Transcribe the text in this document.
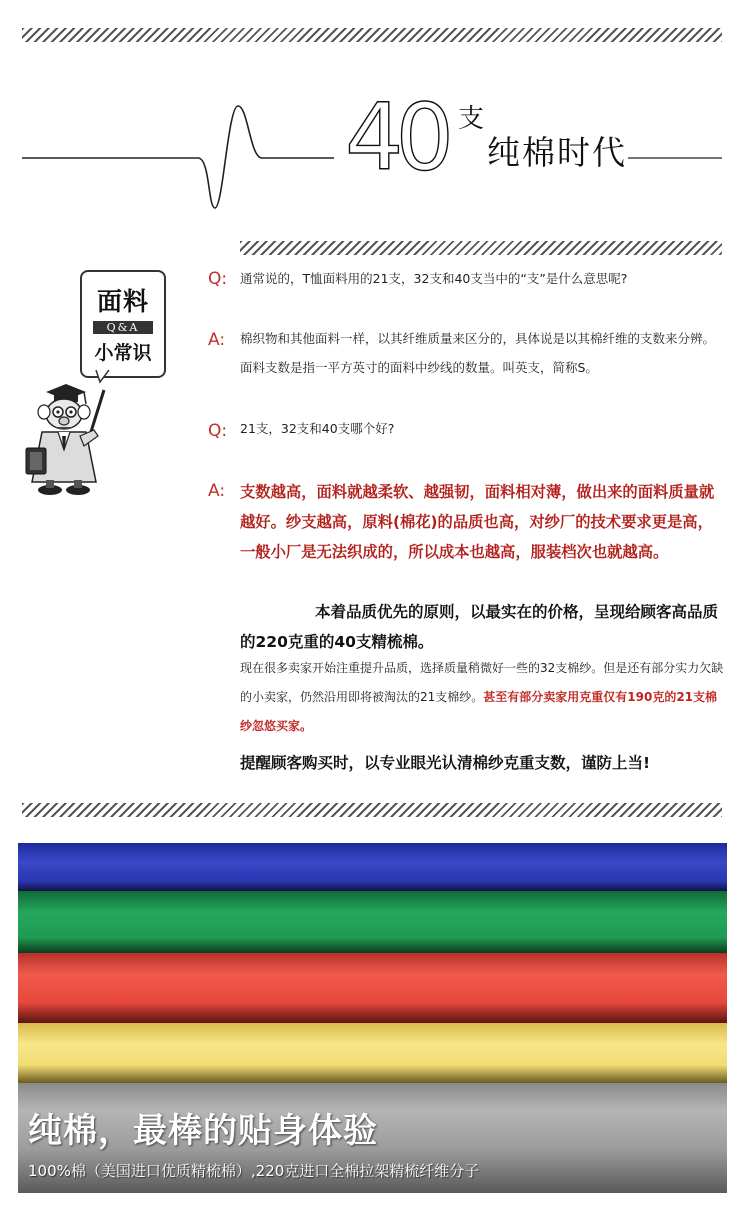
40 支
纯棉时代
面料
Q&A
小常识
Q: 通常说的，T恤面料用的21支，32支和40支当中的“支”是什么意思呢?
A: 棉织物和其他面料一样，以其纤维质量来区分的，具体说是以其棉纤维的支数来分辨。面料支数是指一平方英寸的面料中纱线的数量。叫英支，简称S。
Q: 21支，32支和40支哪个好?
A: 支数越高，面料就越柔软、越强韧，面料相对薄，做出来的面料质量就越好。纱支越高，原料(棉花)的品质也高，对纱厂的技术要求更是高，一般小厂是无法织成的，所以成本也越高，服装档次也就越高。
本着品质优先的原则，以最实在的价格，呈现给顾客高品质的220克重的40支精梳棉。
现在很多卖家开始注重提升品质，选择质量稍微好一些的32支棉纱。但是还有部分实力欠缺的小卖家，仍然沿用即将被淘汰的21支棉纱。甚至有部分卖家用克重仅有190克的21支棉纱忽悠买家。
提醒顾客购买时，以专业眼光认清棉纱克重支数，谨防上当!
纯棉，最棒的贴身体验
100%棉（美国进口优质精梳棉）,220克进口全棉拉架精梳纤维分子
